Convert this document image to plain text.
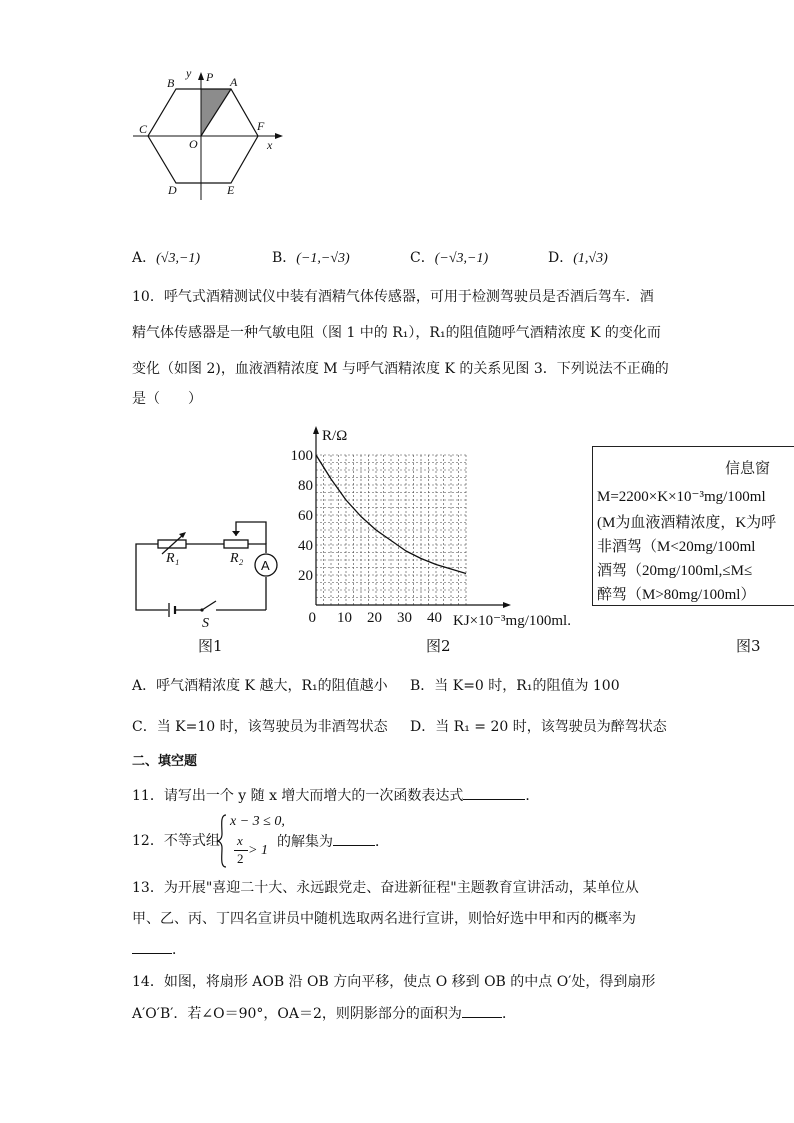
y P A
B
C	F
O	x
D	E
A．(√3,−1)	B．(−1,−√3)	C．(−√3,−1)	D．(1,√3)
10．呼气式酒精测试仪中装有酒精气体传感器，可用于检测驾驶员是否酒后驾车．酒
精气体传感器是一种气敏电阻（图 1 中的 R₁），R₁的阻值随呼气酒精浓度 K 的变化而
变化（如图 2)，血液酒精浓度 M 与呼气酒精浓度 K 的关系见图 3．下列说法不正确的
是（　　）
A
R₁	R₂
S
图1
0 10 20 30 40
20
40
60
80
100
R/Ω
KJ×10⁻³mg/100ml.
图2
信息窗
M=2200×K×10⁻³mg/100ml
(M为血液酒精浓度，K为呼
非酒驾（M<20mg/100ml
酒驾（20mg/100ml,≤M≤
醉驾（M>80mg/100ml）
图3
A．呼气酒精浓度 K 越大，R₁的阻值越小 B．当 K=0 时，R₁的阻值为 100
C．当 K=10 时，该驾驶员为非酒驾状态 D．当 R₁ = 20 时，该驾驶员为醉驾状态
二、填空题
11．请写出一个 y 随 x 增大而增大的一次函数表达式	．
12．不等式组
x − 3 ≤ 0,
x
2
> 1
的解集为	．
13．为开展"喜迎二十大、永远跟党走、奋进新征程"主题教育宣讲活动，某单位从
甲、乙、丙、丁四名宣讲员中随机选取两名进行宣讲，则恰好选中甲和丙的概率为
．
14．如图，将扇形 AOB 沿 OB 方向平移，使点 O 移到 OB 的中点 O′处，得到扇形
A′O′B′．若∠O＝90°，OA＝2，则阴影部分的面积为	．
